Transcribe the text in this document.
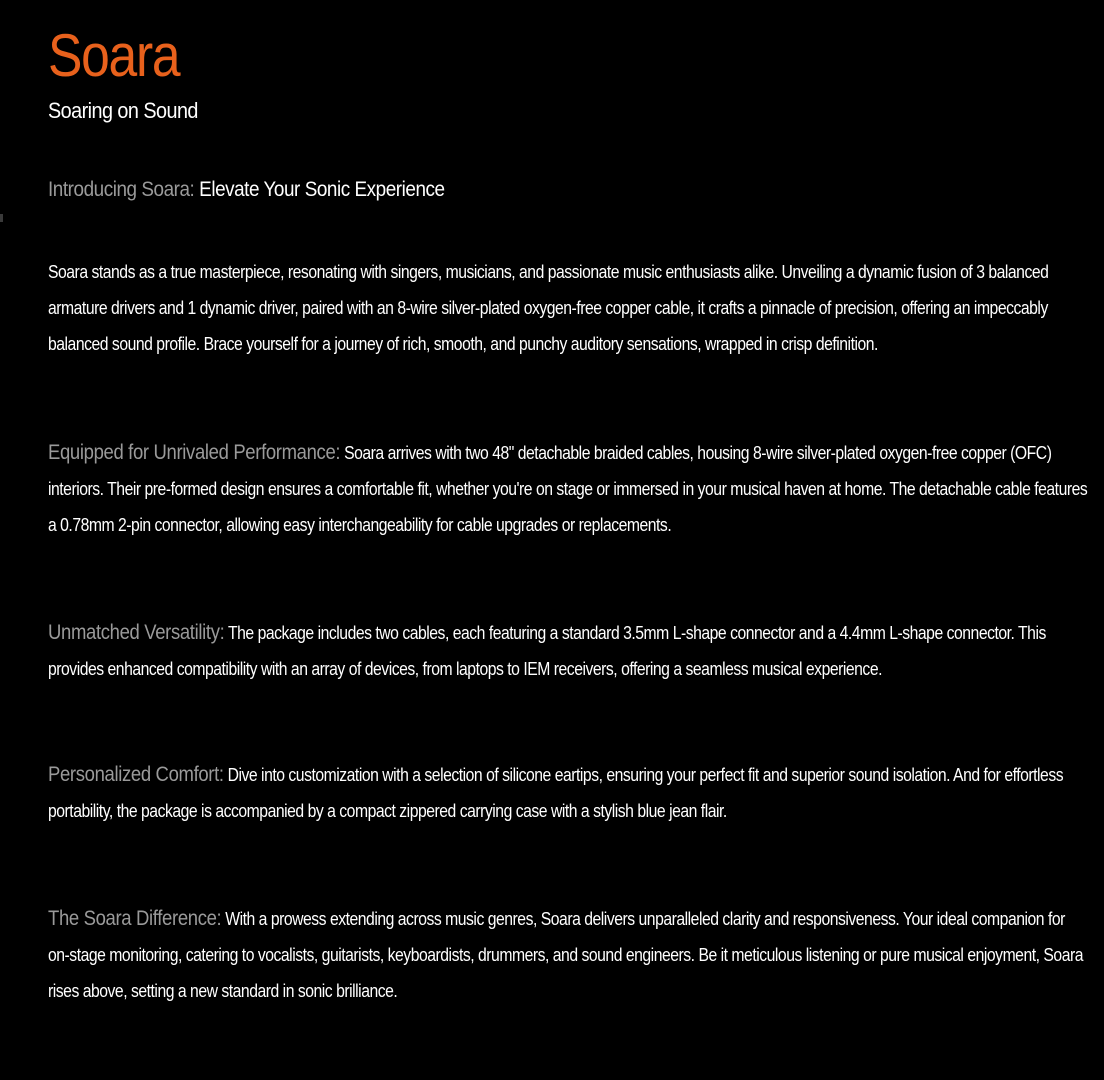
Soara

Soaring on Sound

Introducing Soara: Elevate Your Sonic Experience

Soara stands as a true masterpiece, resonating with singers, musicians, and passionate music enthusiasts alike. Unveiling a dynamic fusion of 3 balanced armature drivers and 1 dynamic driver, paired with an 8-wire silver-plated oxygen-free copper cable, it crafts a pinnacle of precision, offering an impeccably balanced sound profile. Brace yourself for a journey of rich, smooth, and punchy auditory sensations, wrapped in crisp definition.

Equipped for Unrivaled Performance: Soara arrives with two 48" detachable braided cables, housing 8-wire silver-plated oxygen-free copper (OFC) interiors. Their pre-formed design ensures a comfortable fit, whether you're on stage or immersed in your musical haven at home. The detachable cable features a 0.78mm 2-pin connector, allowing easy interchangeability for cable upgrades or replacements.

Unmatched Versatility: The package includes two cables, each featuring a standard 3.5mm L-shape connector and a 4.4mm L-shape connector. This provides enhanced compatibility with an array of devices, from laptops to IEM receivers, offering a seamless musical experience.

Personalized Comfort: Dive into customization with a selection of silicone eartips, ensuring your perfect fit and superior sound isolation. And for effortless portability, the package is accompanied by a compact zippered carrying case with a stylish blue jean flair.

The Soara Difference: With a prowess extending across music genres, Soara delivers unparalleled clarity and responsiveness. Your ideal companion for on-stage monitoring, catering to vocalists, guitarists, keyboardists, drummers, and sound engineers. Be it meticulous listening or pure musical enjoyment, Soara rises above, setting a new standard in sonic brilliance.
